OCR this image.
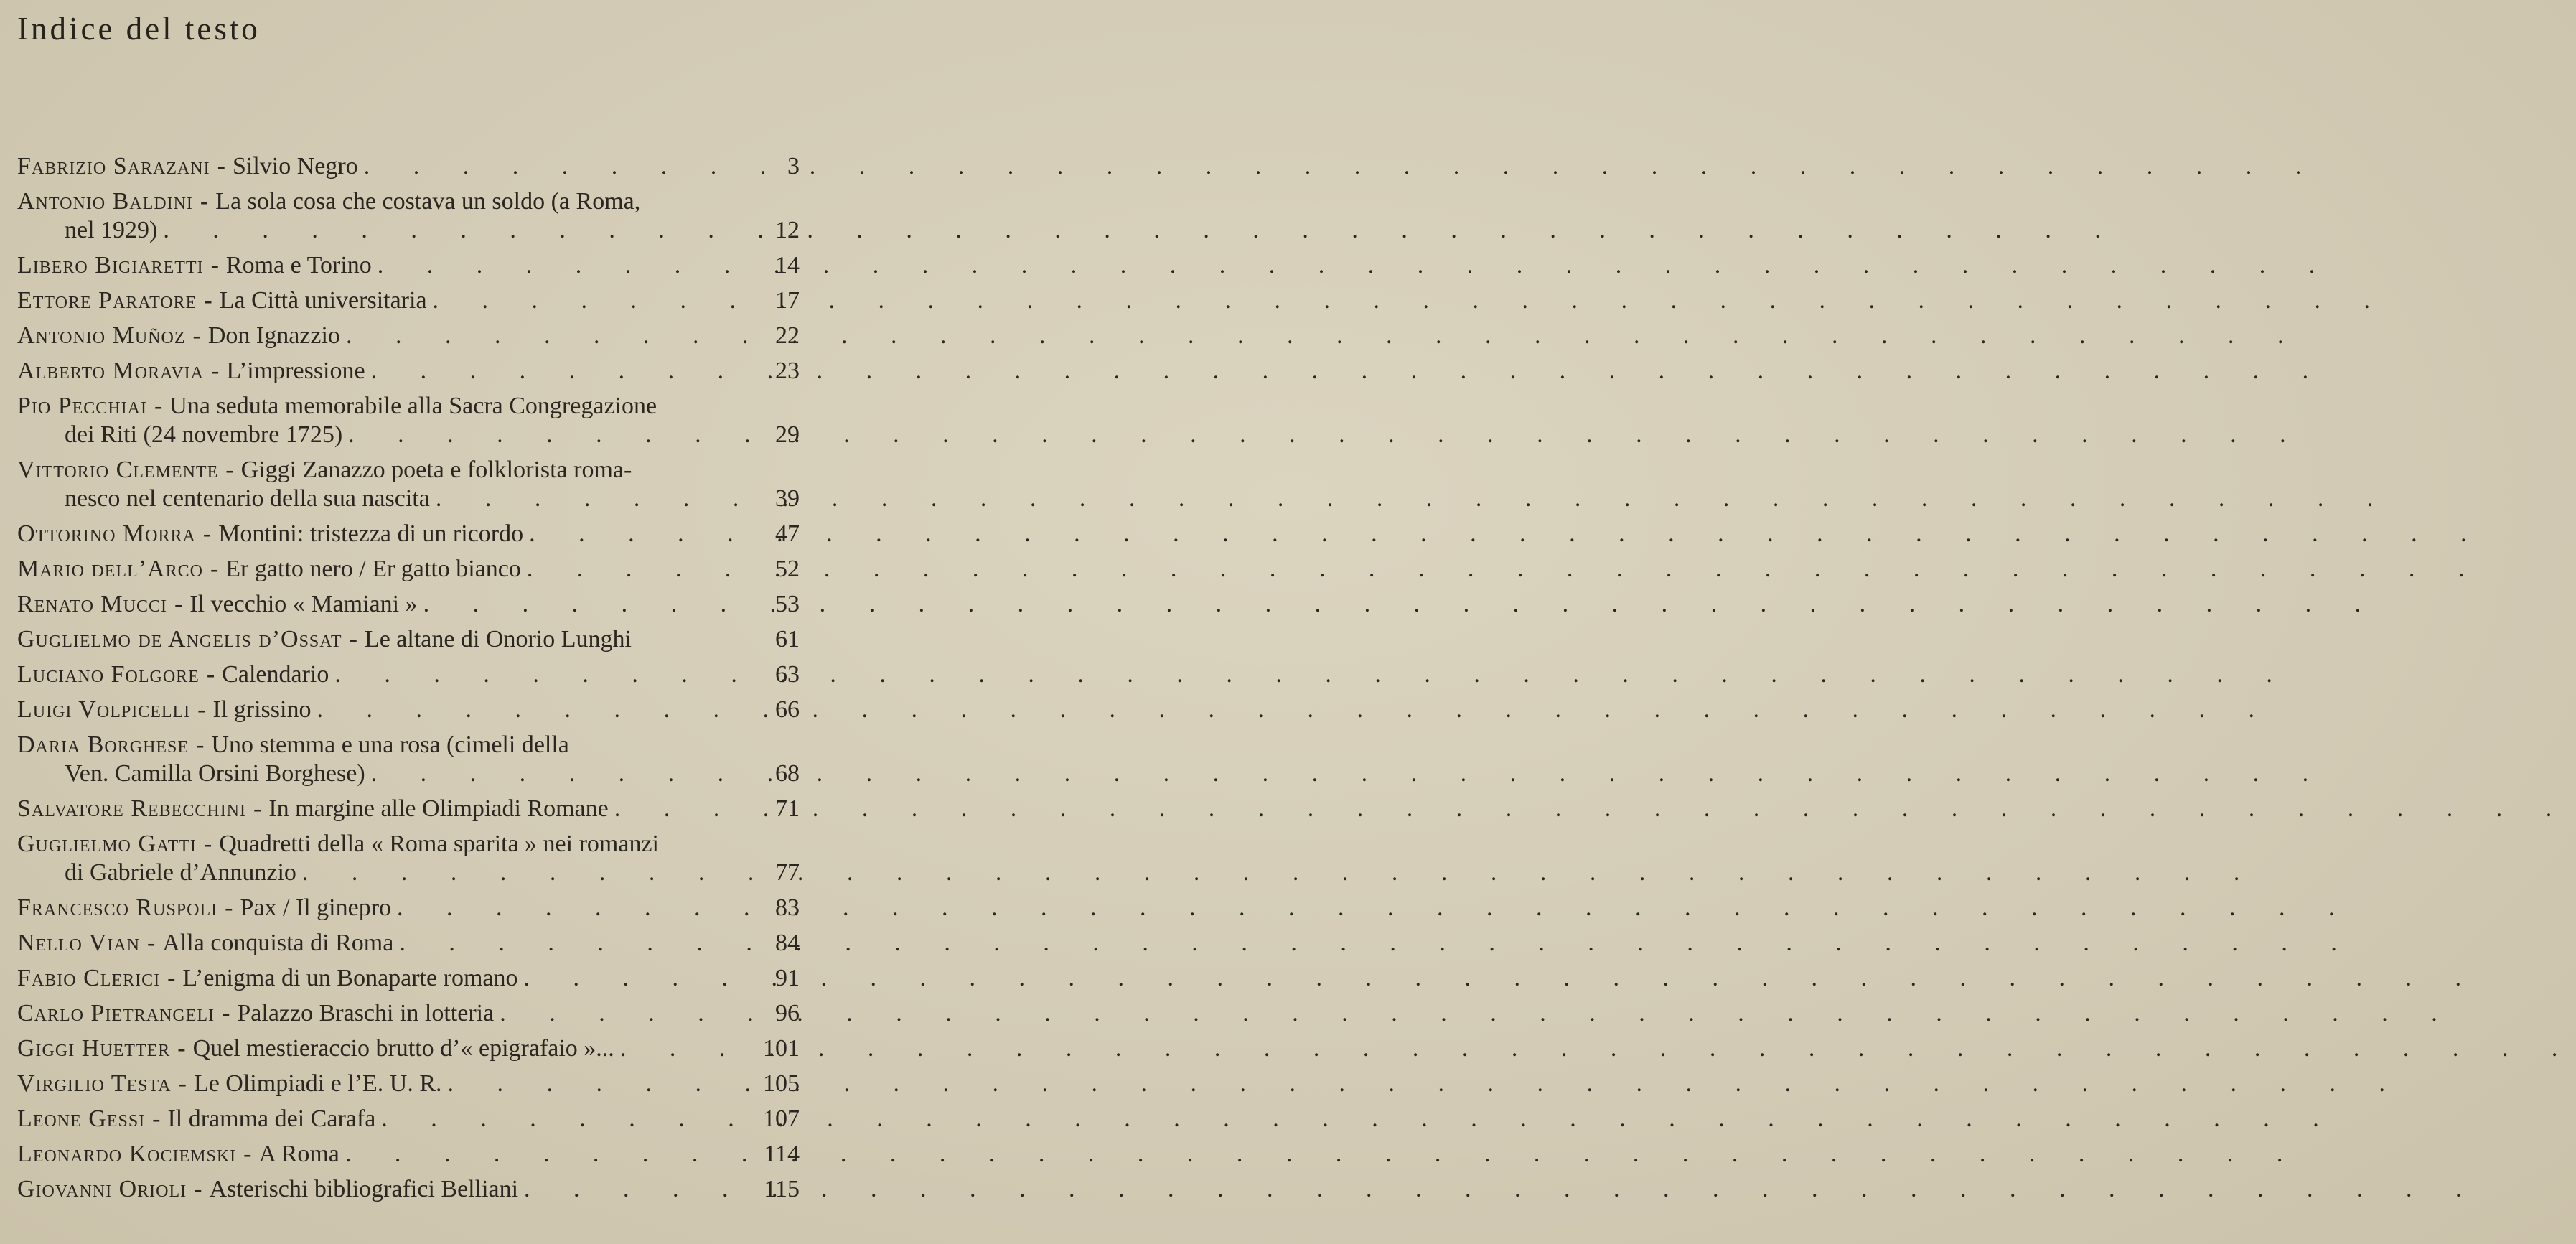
Indice del testo
Fabrizio Sarazani - Silvio Negro . . .	3
Antonio Baldini - La sola cosa che costava un soldo (a Roma,
nel 1929) . . .	12
Libero Bigiaretti - Roma e Torino . . .	14
Ettore Paratore - La Città universitaria . . .	17
Antonio Muñoz - Don Ignazzio . . .	22
Alberto Moravia - L’impressione . . .	23
Pio Pecchiai - Una seduta memorabile alla Sacra Congregazione
dei Riti (24 novembre 1725) . . .	29
Vittorio Clemente - Giggi Zanazzo poeta e folklorista roma-
nesco nel centenario della sua nascita . . .	39
Ottorino Morra - Montini: tristezza di un ricordo . . .	47
Mario dell’Arco - Er gatto nero / Er gatto bianco . . .	52
Renato Mucci - Il vecchio « Mamiani » . . .	53
Guglielmo de Angelis d’Ossat - Le altane di Onorio Lunghi	61
Luciano Folgore - Calendario . . .	63
Luigi Volpicelli - Il grissino . . .	66
Daria Borghese - Uno stemma e una rosa (cimeli della
Ven. Camilla Orsini Borghese) . . .	68
Salvatore Rebecchini - In margine alle Olimpiadi Romane . . .	71
Guglielmo Gatti - Quadretti della « Roma sparita » nei romanzi
di Gabriele d’Annunzio . . .	77
Francesco Ruspoli - Pax / Il ginepro . . .	83
Nello Vian - Alla conquista di Roma . . .	84
Fabio Clerici - L’enigma di un Bonaparte romano . . .	91
Carlo Pietrangeli - Palazzo Braschi in lotteria . . .	96
Giggi Huetter - Quel mestieraccio brutto d’« epigrafaio »... . . .	101
Virgilio Testa - Le Olimpiadi e l’E. U. R. . . .	105
Leone Gessi - Il dramma dei Carafa . . .	107
Leonardo Kociemski - A Roma . . .	114
Giovanni Orioli - Asterischi bibliografici Belliani . . .	115
